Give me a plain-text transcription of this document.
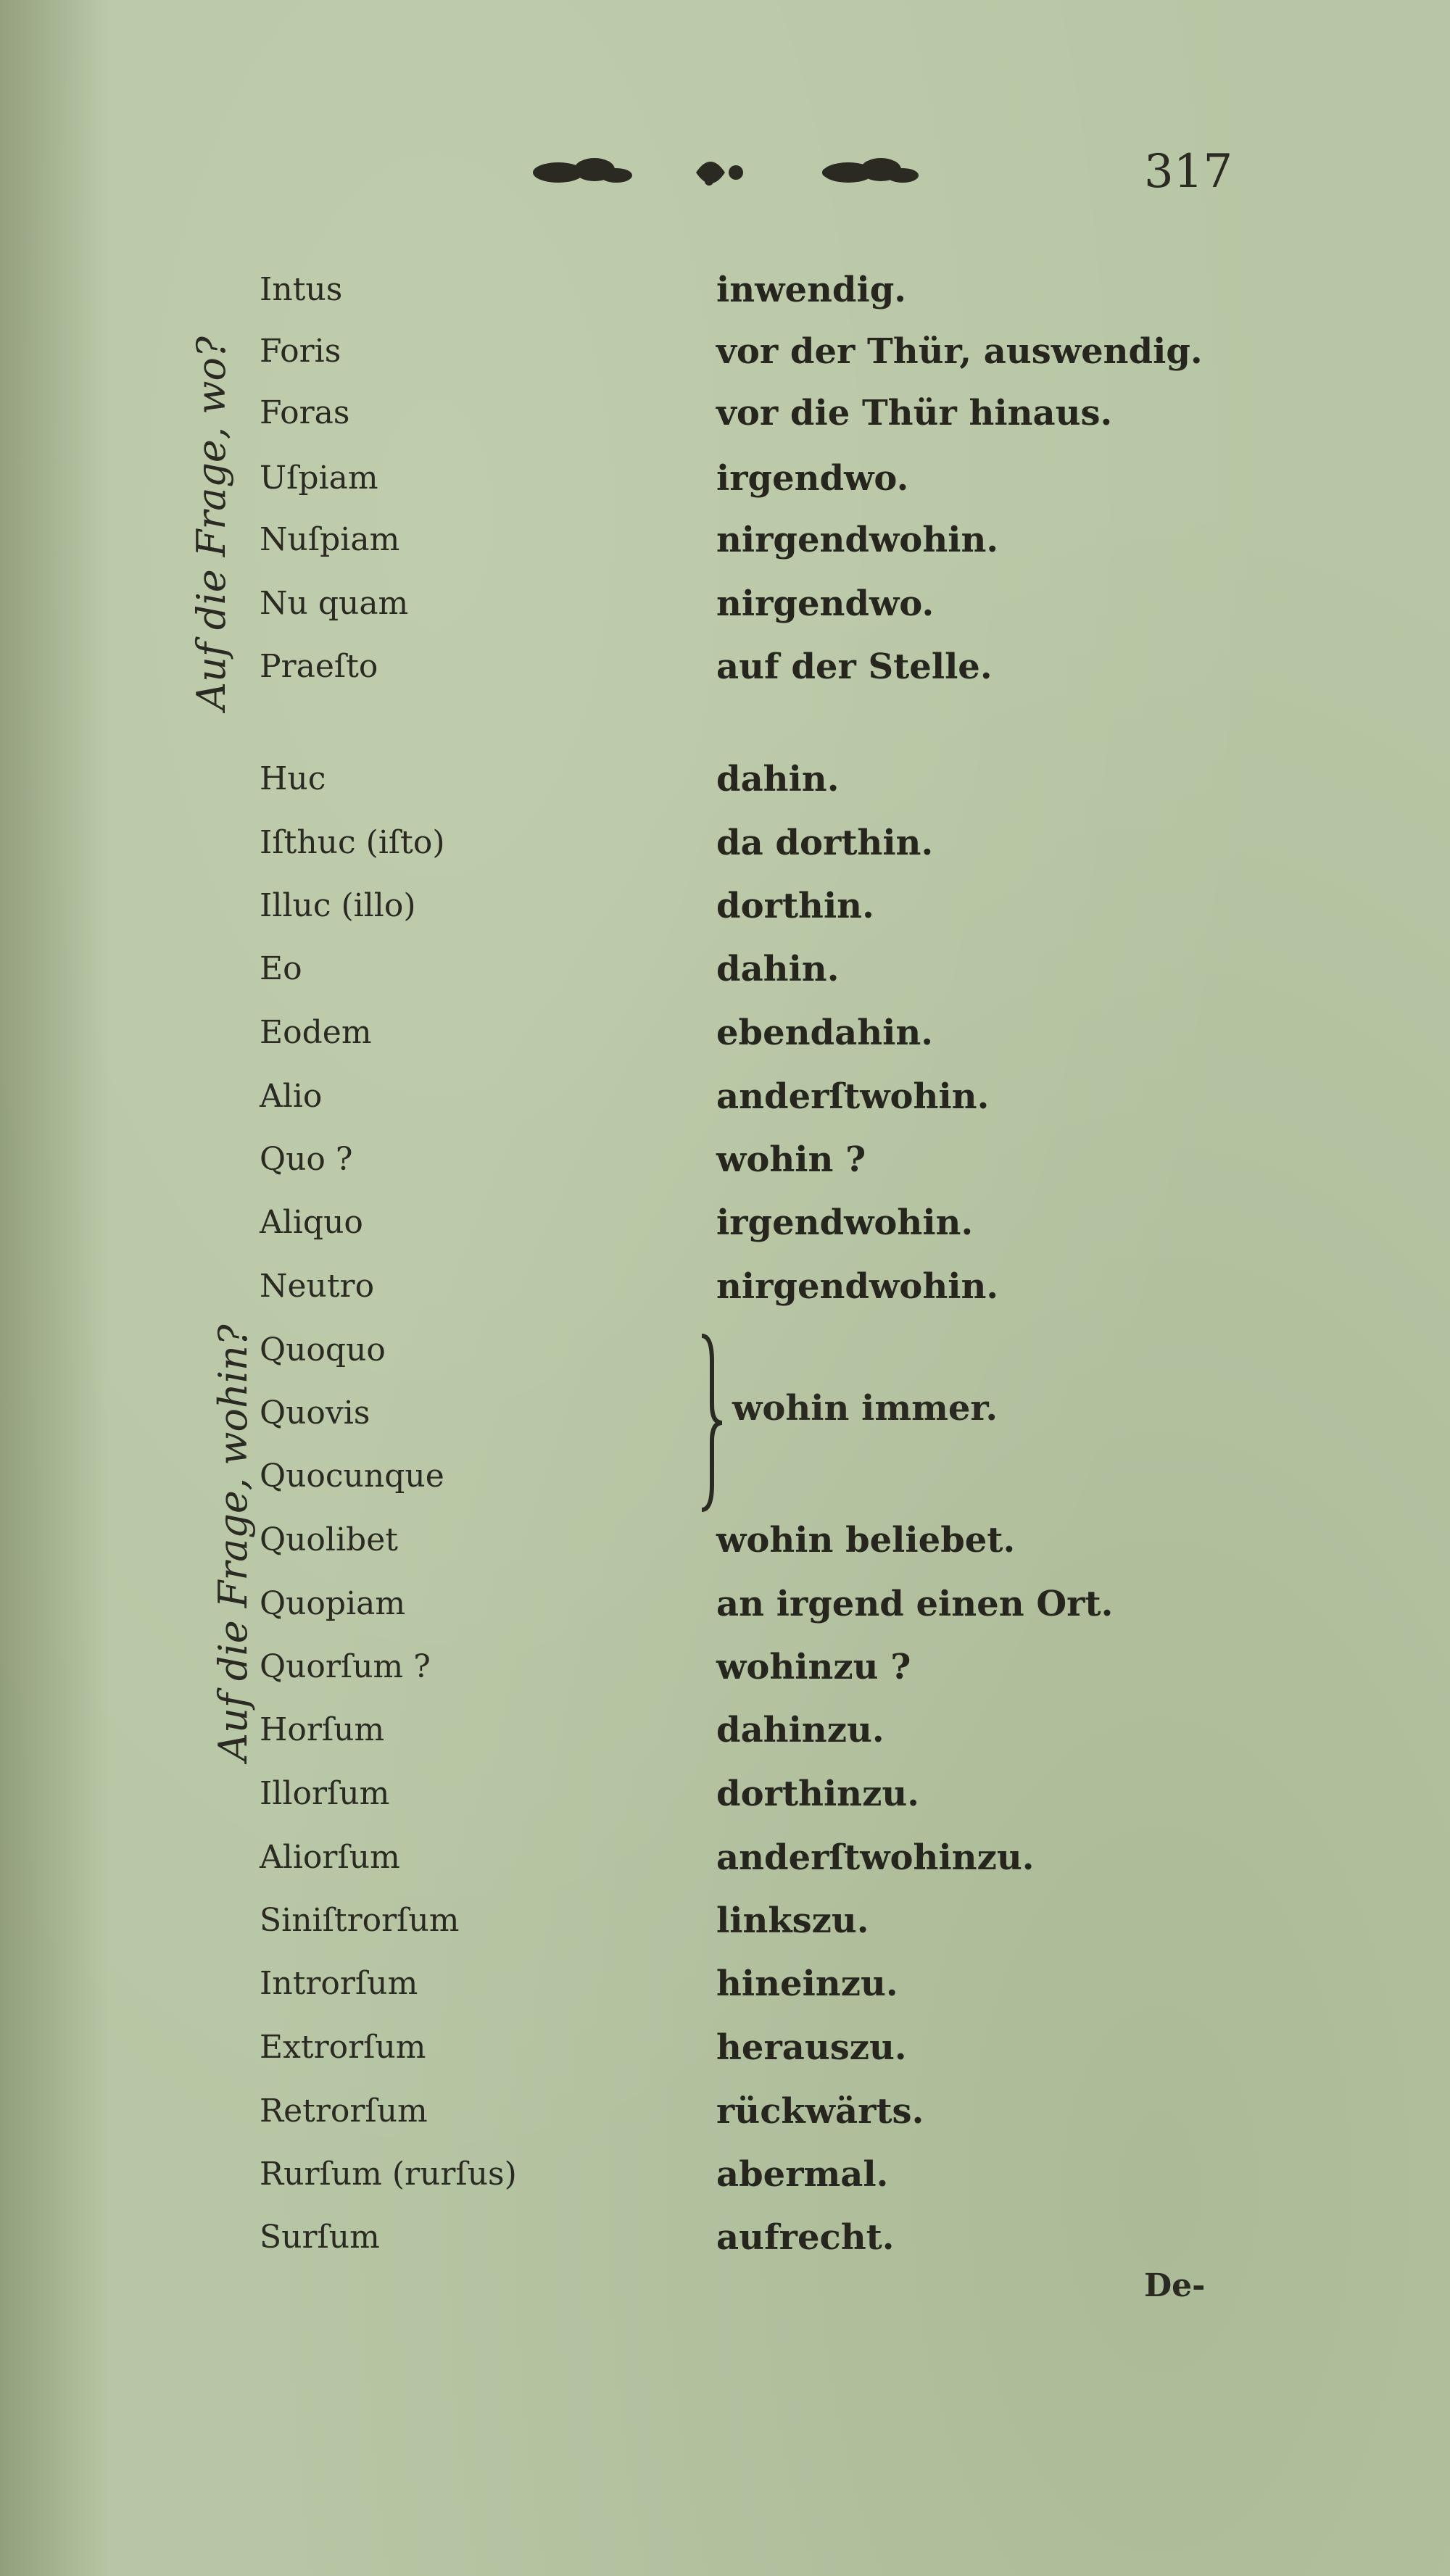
317
Auf die Frage, wo?
Auf die Frage, wohin?
Intus	inwendig.
Foris	vor der Thür, auswendig.
Foras	vor die Thür hinaus.
Uſpiam	irgendwo.
Nuſpiam	nirgendwohin.
Nu quam	nirgendwo.
Praeſto	auf der Stelle.
Huc	dahin.
Iſthuc (iſto)	da dorthin.
Illuc (illo)	dorthin.
Eo	dahin.
Eodem	ebendahin.
Alio	anderſtwohin.
Quo ?	wohin ?
Aliquo	irgendwohin.
Neutro	nirgendwohin.
Quoquo
Quovis
Quocunque
wohin immer.
Quolibet	wohin beliebet.
Quopiam	an irgend einen Ort.
Quorſum ?	wohinzu ?
Horſum	dahinzu.
Illorſum	dorthinzu.
Aliorſum	anderſtwohinzu.
Siniſtrorſum	linkszu.
Introrſum	hineinzu.
Extrorſum	herauszu.
Retrorſum	rückwärts.
Rurſum (rurſus)	abermal.
Surſum	aufrecht.
De-
